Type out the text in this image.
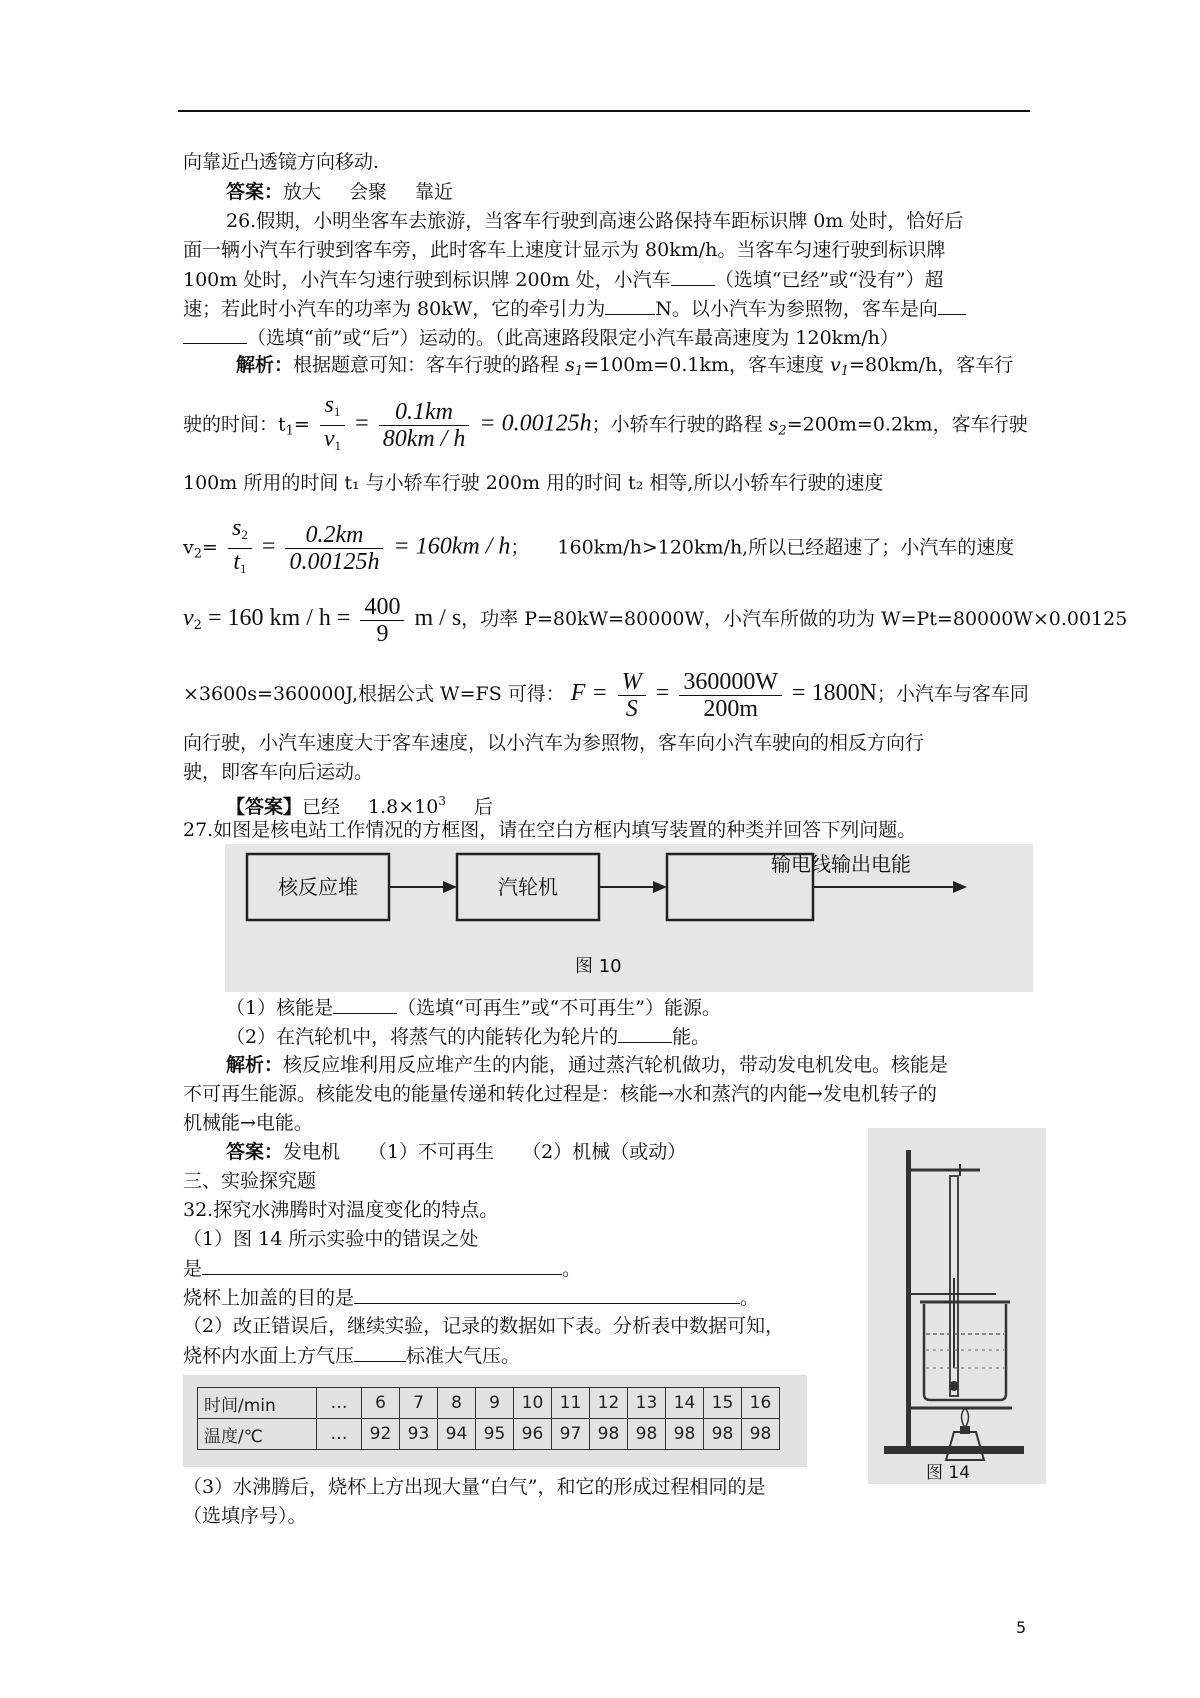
向靠近凸透镜方向移动.
答案：放大 会聚 靠近
26.假期，小明坐客车去旅游，当客车行驶到高速公路保持车距标识牌 0m 处时，恰好后
面一辆小汽车行驶到客车旁，此时客车上速度计显示为 80km/h。当客车匀速行驶到标识牌
100m 处时，小汽车匀速行驶到标识牌 200m 处，小汽车 （选填“已经”或“没有”）超
速；若此时小汽车的功率为 80kW，它的牵引力为	N。以小汽车为参照物，客车是向
（选填“前”或“后”）运动的。（此高速路段限定小汽车最高速度为 120km/h）
解析：根据题意可知：客车行驶的路程 $s_1=100m=0.1km$，客车速度 $v_1=80km/h$，客车行
驶的时间：$t_1= \frac{s_1}{v_1} = \frac{0.1km}{80km / h} = 0.00125h$；小轿车行驶的路程 $s_2=200m=0.2km$，客车行驶
100m 所用的时间 t₁ 与小轿车行驶 200m 用的时间 t₂ 相等,所以小轿车行驶的速度
$v_2= \frac{s_2}{t_1} = \frac{0.2km}{0.00125h} = 160km / h$； 160km/h>120km/h,所以已经超速了；小汽车的速度
$v_2 = 160$ km / $h = \frac{400}{9}$ m / s，功率 P=80kW=80000W，小汽车所做的功为 W=Pt=80000W×0.00125
×3600s=360000J,根据公式 W=FS 可得： $F = \frac{W}{S} = \frac{360000W}{200m} = 1800N$；小汽车与客车同
向行驶，小汽车速度大于客车速度，以小汽车为参照物，客车向小汽车驶向的相反方向行
驶，即客车向后运动。
【答案】已经 $1.8\times 10^3$ 后
27.如图是核电站工作情况的方框图，请在空白方框内填写装置的种类并回答下列问题。
核反应堆	汽轮机
输电线输出电能
图 10
（1）核能是	（选填“可再生”或“不可再生”）能源。
（2）在汽轮机中，将蒸气的内能转化为轮片的	能。
解析：核反应堆利用反应堆产生的内能，通过蒸汽轮机做功，带动发电机发电。核能是
不可再生能源。核能发电的能量传递和转化过程是：核能→水和蒸汽的内能→发电机转子的
机械能→电能。
答案：发电机 （1）不可再生 （2）机械（或动）
图 14
三、实验探究题
32.探究水沸腾时对温度变化的特点。
（1）图 14 所示实验中的错误之处
是	。
烧杯上加盖的目的是	。
（2）改正错误后，继续实验，记录的数据如下表。分析表中数据可知，
烧杯内水面上方气压	标准大气压。
时间/min	…	6	7	8	9	10	11	12	13	14	15	16
温度/℃	…	92	93	94	95	96	97	98	98	98	98	98
（3）水沸腾后，烧杯上方出现大量“白气”，和它的形成过程相同的是
（选填序号）。
5
